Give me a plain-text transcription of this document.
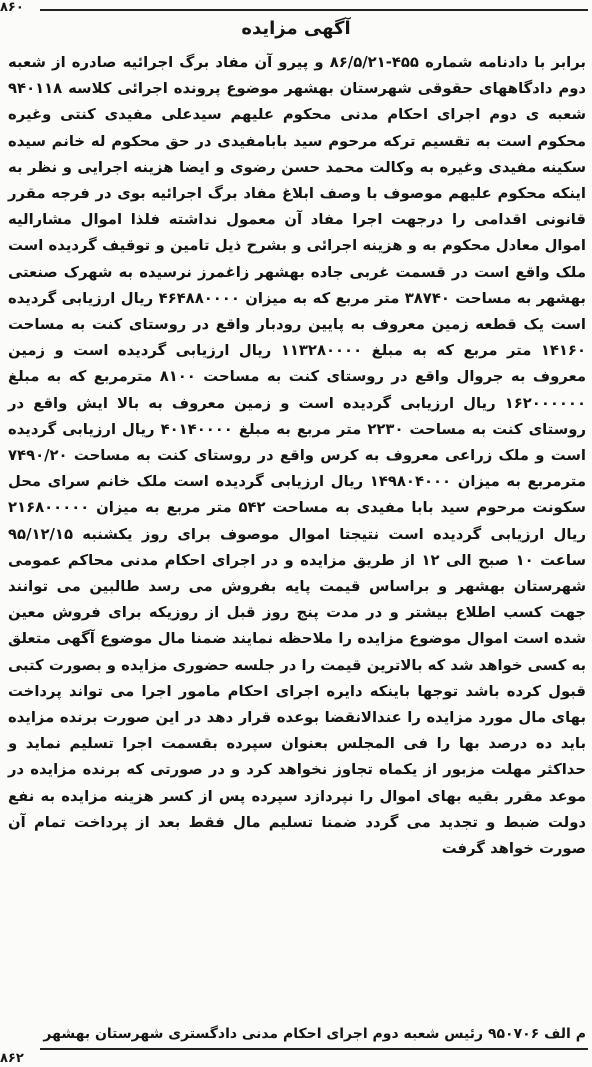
۸۶۰
آگهی مزایده

برابر با دادنامه شماره ۴۵۵-۸۶/۵/۲۱ و پیرو آن مفاد برگ اجرائیه صادره از شعبه دوم دادگاههای حقوقی شهرستان بهشهر موضوع پرونده اجرائی کلاسه ۹۴۰۱۱۸ شعبه ی دوم اجرای احکام مدنی محکوم علیهم سیدعلی مفیدی کنتی وغیره محکوم است به تقسیم ترکه مرحوم سید بابامفیدی در حق محکوم له خانم سیده سکینه مفیدی وغیره به وکالت محمد حسن رضوی و ایضا هزینه اجرایی و نظر به اینکه محکوم علیهم موصوف با وصف ابلاغ مفاد برگ اجرائیه بوی در فرجه مقرر قانونی اقدامی را درجهت اجرا مفاد آن معمول نداشته فلذا اموال مشارالیه اموال معادل محکوم به و هزینه اجرائی و بشرح ذیل تامین و توقیف گردیده است ملک واقع است در قسمت غربی جاده بهشهر زاغمرز نرسیده به شهرک صنعتی بهشهر به مساحت ۳۸۷۴۰ متر مربع که به میزان ۴۶۴۸۸۰۰۰۰ ریال ارزیابی گردیده است یک قطعه زمین معروف به پایین رودبار واقع در روستای کنت به مساحت ۱۴۱۶۰ متر مربع که به مبلغ ۱۱۳۲۸۰۰۰۰ ریال ارزیابی گردیده است و زمین معروف به جروال واقع در روستای کنت به مساحت ۸۱۰۰ مترمربع که به مبلغ ۱۶۲۰۰۰۰۰۰ ریال ارزیابی گردیده است و زمین معروف به بالا ایش واقع در روستای کنت به مساحت ۲۲۳۰ متر مربع به مبلغ ۴۰۱۴۰۰۰۰ ریال ارزیابی گردیده است و ملک زراعی معروف به کرس واقع در روستای کنت به مساحت ۷۴۹۰/۲۰ مترمربع به میزان ۱۴۹۸۰۴۰۰۰ ریال ارزیابی گردیده است ملک خانم سرای محل سکونت مرحوم سید بابا مفیدی به مساحت ۵۴۲ متر مربع به میزان ۲۱۶۸۰۰۰۰۰ ریال ارزیابی گردیده است نتیجتا اموال موصوف برای روز یکشنبه ۹۵/۱۲/۱۵ ساعت ۱۰ صبح الی ۱۲ از طریق مزایده و در اجرای احکام مدنی محاکم عمومی شهرستان بهشهر و براساس قیمت پایه بفروش می رسد طالبین می توانند جهت کسب اطلاع بیشتر و در مدت پنج روز قبل از روزیکه برای فروش معین شده است اموال موضوع مزایده را ملاحظه نمایند ضمنا مال موضوع آگهی متعلق به کسی خواهد شد که بالاترین قیمت را در جلسه حضوری مزایده و بصورت کتبی قبول کرده باشد توجها باینکه دایره اجرای احکام مامور اجرا می تواند پرداخت بهای مال مورد مزایده را عندالانقضا بوعده قرار دهد در این صورت برنده مزایده باید ده درصد بها را فی المجلس بعنوان سپرده بقسمت اجرا تسلیم نماید و حداکثر مهلت مزبور از یکماه تجاوز نخواهد کرد و در صورتی که برنده مزایده در موعد مقرر بقیه بهای اموال را نپردازد سپرده پس از کسر هزینه مزایده به نفع دولت ضبط و تجدید می گردد ضمنا تسلیم مال فقط بعد از پرداخت تمام آن صورت خواهد گرفت

م الف ۹۵۰۷۰۶ رئیس شعبه دوم اجرای احکام مدنی دادگستری شهرستان بهشهر
۸۶۲
